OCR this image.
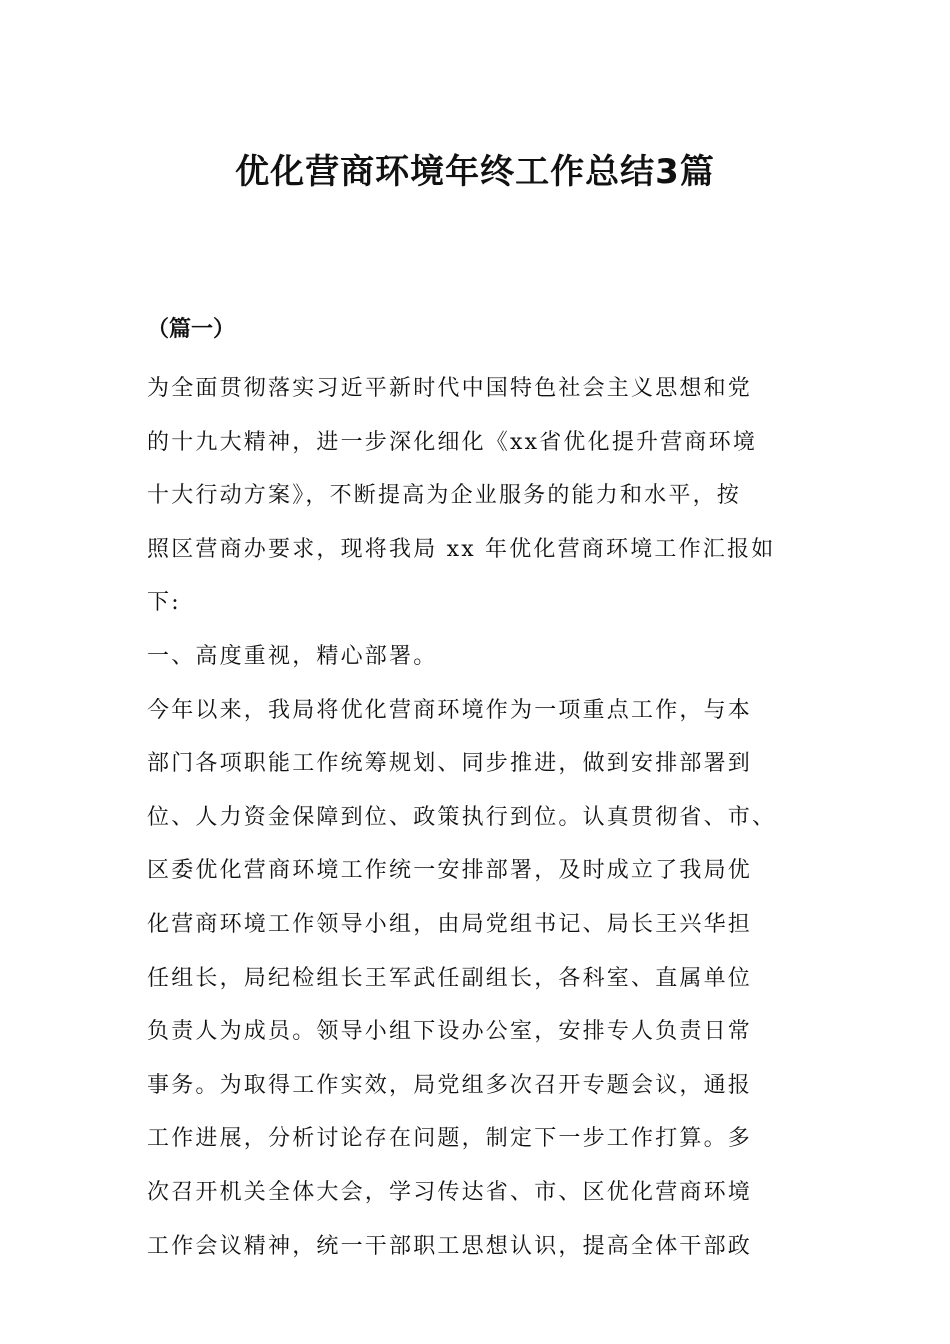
优化营商环境年终工作总结3篇
（篇一）
为全面贯彻落实习近平新时代中国特色社会主义思想和党
的十九大精神，进一步深化细化《xx省优化提升营商环境
十大行动方案》，不断提高为企业服务的能力和水平，按
照区营商办要求，现将我局 xx 年优化营商环境工作汇报如
下:
一、高度重视，精心部署。
今年以来，我局将优化营商环境作为一项重点工作，与本
部门各项职能工作统筹规划、同步推进，做到安排部署到
位、人力资金保障到位、政策执行到位。认真贯彻省、市、
区委优化营商环境工作统一安排部署，及时成立了我局优
化营商环境工作领导小组，由局党组书记、局长王兴华担
任组长，局纪检组长王军武任副组长，各科室、直属单位
负责人为成员。领导小组下设办公室，安排专人负责日常
事务。为取得工作实效，局党组多次召开专题会议，通报
工作进展，分析讨论存在问题，制定下一步工作打算。多
次召开机关全体大会，学习传达省、市、区优化营商环境
工作会议精神，统一干部职工思想认识，提高全体干部政
